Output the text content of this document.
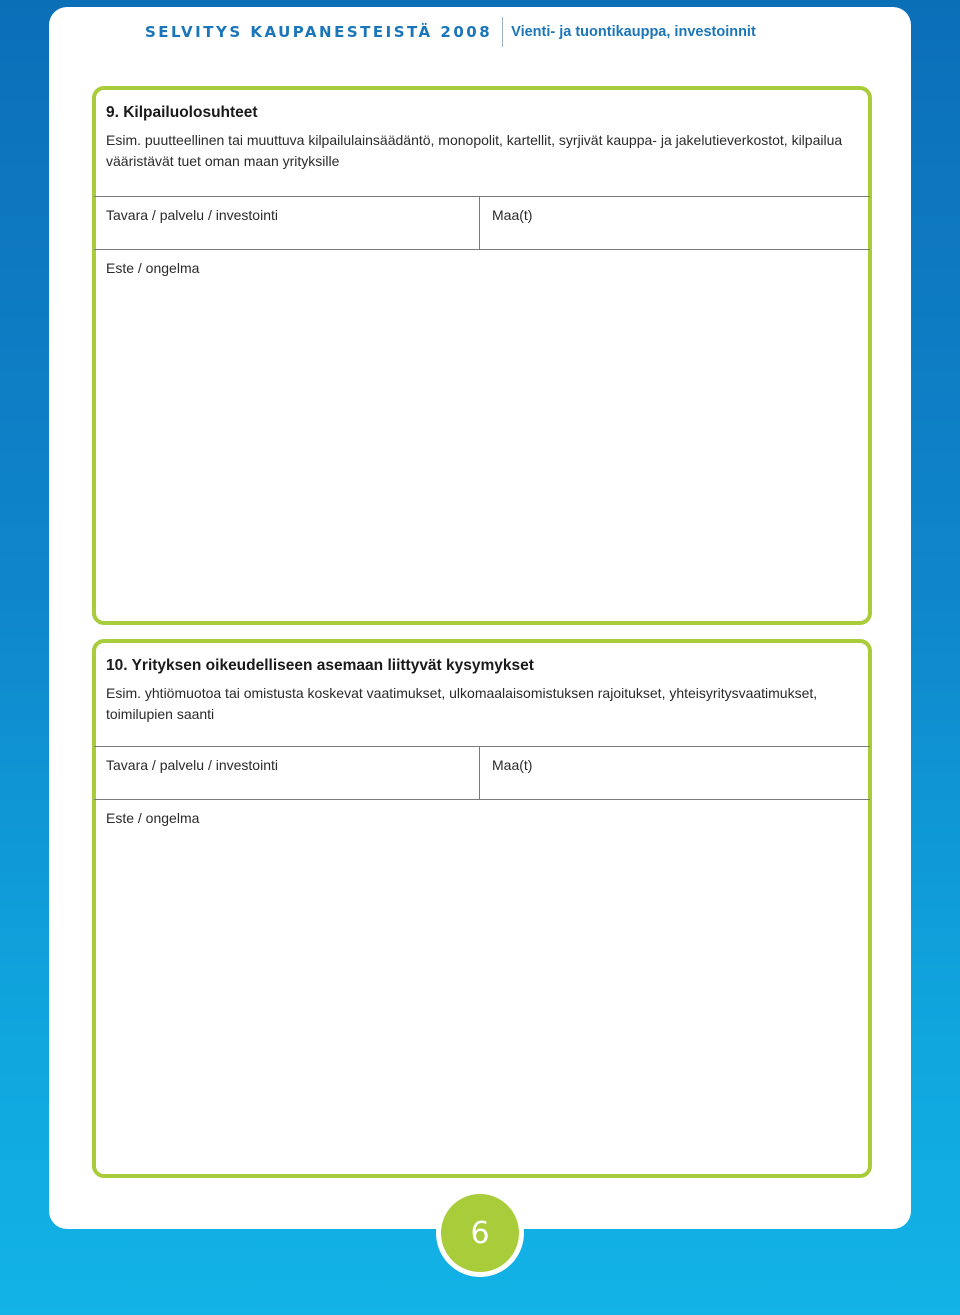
SELVITYS KAUPANESTEISTÄ 2008 Vienti- ja tuontikauppa, investoinnit
9. Kilpailuolosuhteet

Esim. puutteellinen tai muuttuva kilpailulainsäädäntö, monopolit, kartellit, syrjivät kauppa- ja jakelutieverkostot, kilpailua vääristävät tuet oman maan yrityksille

Tavara / palvelu / investointi	Maa(t)
Este / ongelma
10. Yrityksen oikeudelliseen asemaan liittyvät kysymykset

Esim. yhtiömuotoa tai omistusta koskevat vaatimukset, ulkomaalaisomistuksen rajoitukset, yhteisyritysvaatimukset, toimilupien saanti

Tavara / palvelu / investointi	Maa(t)
Este / ongelma
6
